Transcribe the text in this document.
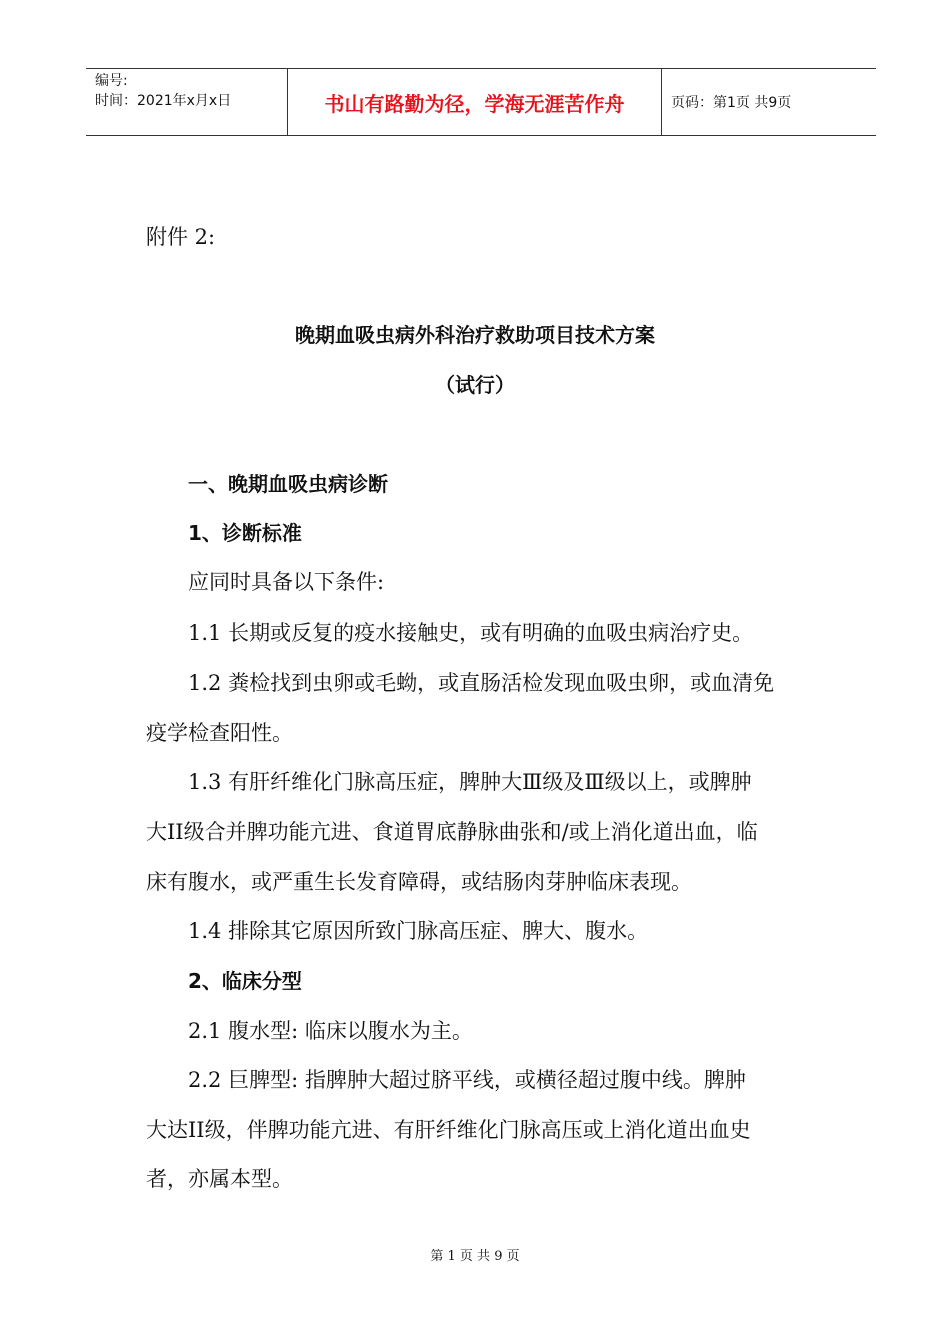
编号:
时间：2021年x月x日	书山有路勤为径，学海无涯苦作舟	页码：第1页 共9页
附件 2:
晚期血吸虫病外科治疗救助项目技术方案
（试行）
一、晚期血吸虫病诊断
1、诊断标准
应同时具备以下条件:
1.1 长期或反复的疫水接触史，或有明确的血吸虫病治疗史。
1.2 粪检找到虫卵或毛蚴，或直肠活检发现血吸虫卵，或血清免
疫学检查阳性。
1.3 有肝纤维化门脉高压症，脾肿大Ⅲ级及Ⅲ级以上，或脾肿
大II级合并脾功能亢进、食道胃底静脉曲张和/或上消化道出血，临
床有腹水，或严重生长发育障碍，或结肠肉芽肿临床表现。
1.4 排除其它原因所致门脉高压症、脾大、腹水。
2、临床分型
2.1 腹水型: 临床以腹水为主。
2.2 巨脾型: 指脾肿大超过脐平线，或横径超过腹中线。脾肿
大达II级，伴脾功能亢进、有肝纤维化门脉高压或上消化道出血史
者，亦属本型。
第 1 页 共 9 页
